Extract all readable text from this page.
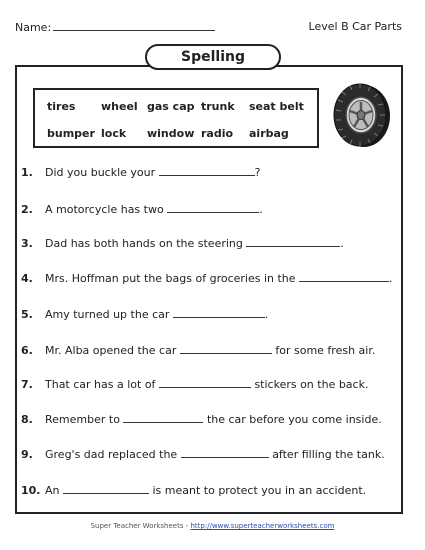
Name:	Level B Car Parts
Spelling
tires wheel gas cap trunk seat belt
bumper lock window radio airbag
1. Did you buckle your	?
2. A motorcycle has two	.
3. Dad has both hands on the steering	.
4. Mrs. Hoffman put the bags of groceries in the	.
5. Amy turned up the car	.
6. Mr. Alba opened the car	for some fresh air.
7. That car has a lot of	stickers on the back.
8. Remember to	the car before you come inside.
9. Greg's dad replaced the	after filling the tank.
10. An	is meant to protect you in an accident.
Super Teacher Worksheets - http://www.superteacherworksheets.com
